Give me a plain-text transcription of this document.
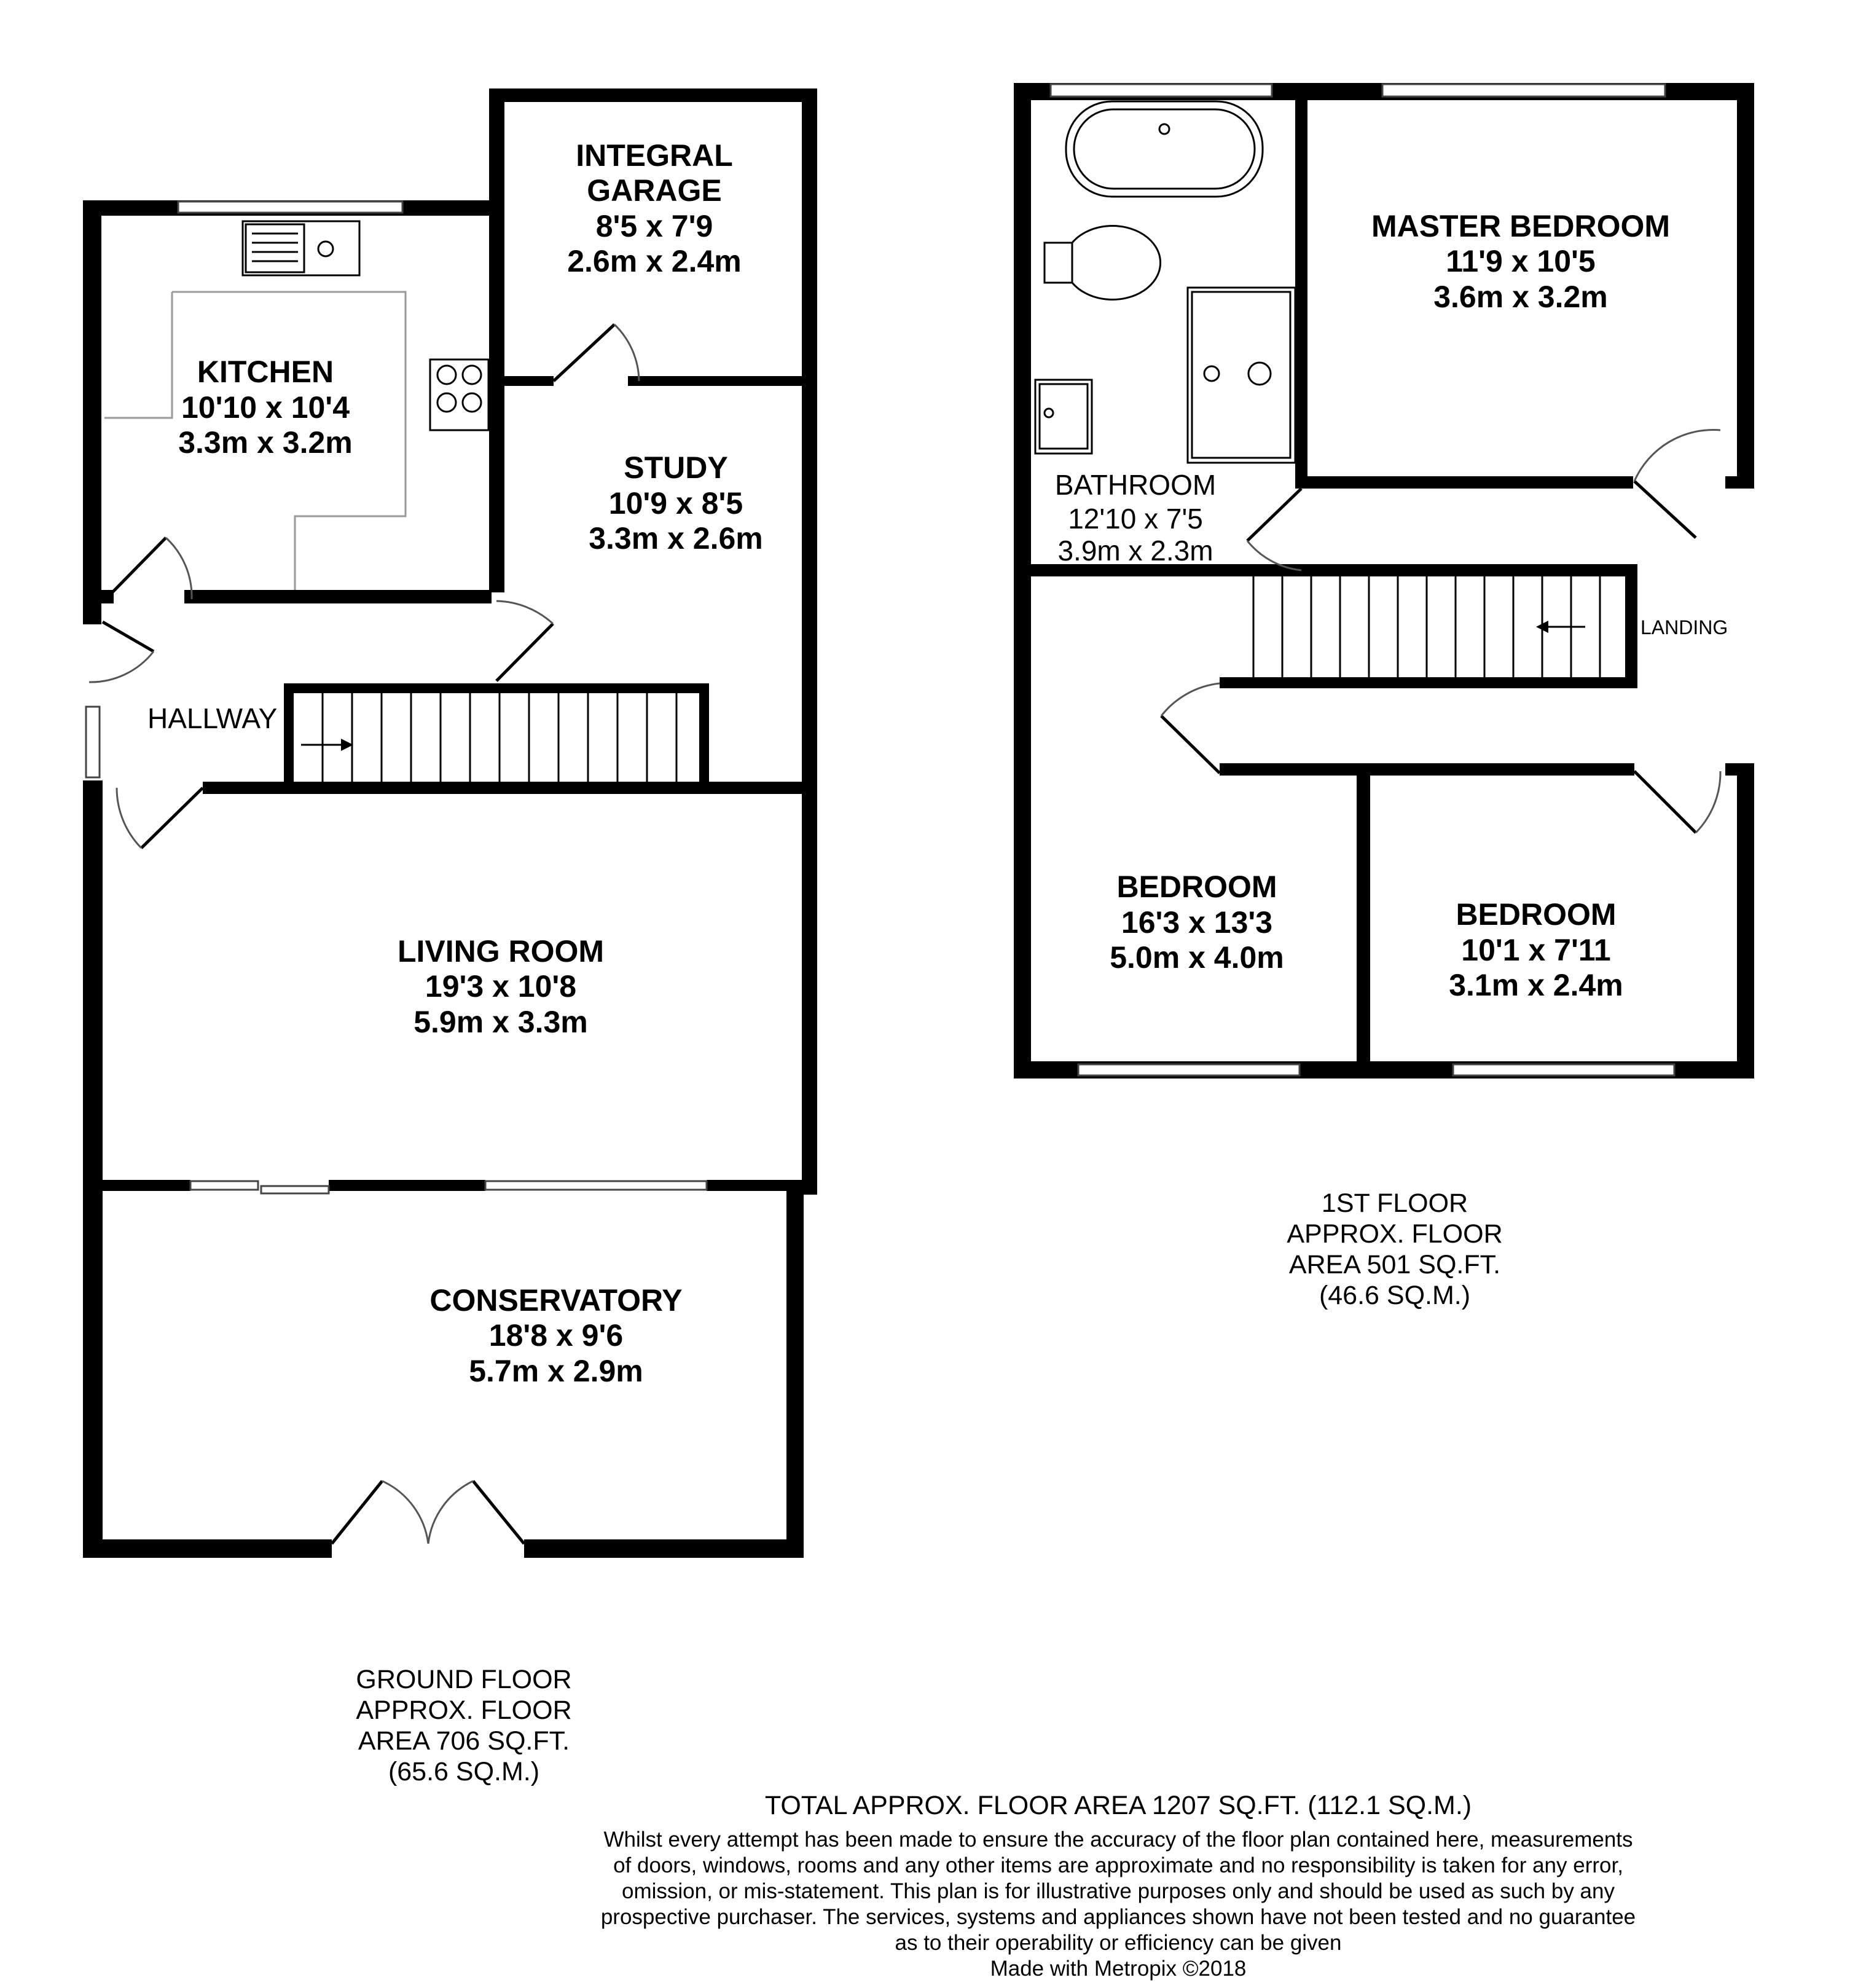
INTEGRAL
GARAGE
8'5 x 7'9
2.6m x 2.4m
KITCHEN
10'10 x 10'4
3.3m x 3.2m
STUDY
10'9 x 8'5
3.3m x 2.6m
HALLWAY
LIVING ROOM
19'3 x 10'8
5.9m x 3.3m
CONSERVATORY
18'8 x 9'6
5.7m x 2.9m
MASTER BEDROOM
11'9 x 10'5
3.6m x 3.2m
BATHROOM
12'10 x 7'5
3.9m x 2.3m
LANDING
BEDROOM
16'3 x 13'3
5.0m x 4.0m
BEDROOM
10'1 x 7'11
3.1m x 2.4m
1ST FLOOR
APPROX. FLOOR
AREA 501 SQ.FT.
(46.6 SQ.M.)
GROUND FLOOR
APPROX. FLOOR
AREA 706 SQ.FT.
(65.6 SQ.M.)
TOTAL APPROX. FLOOR AREA 1207 SQ.FT. (112.1 SQ.M.)
Whilst every attempt has been made to ensure the accuracy of the floor plan contained here, measurements
of doors, windows, rooms and any other items are approximate and no responsibility is taken for any error,
omission, or mis-statement. This plan is for illustrative purposes only and should be used as such by any
prospective purchaser. The services, systems and appliances shown have not been tested and no guarantee
as to their operability or efficiency can be given
Made with Metropix ©2018
